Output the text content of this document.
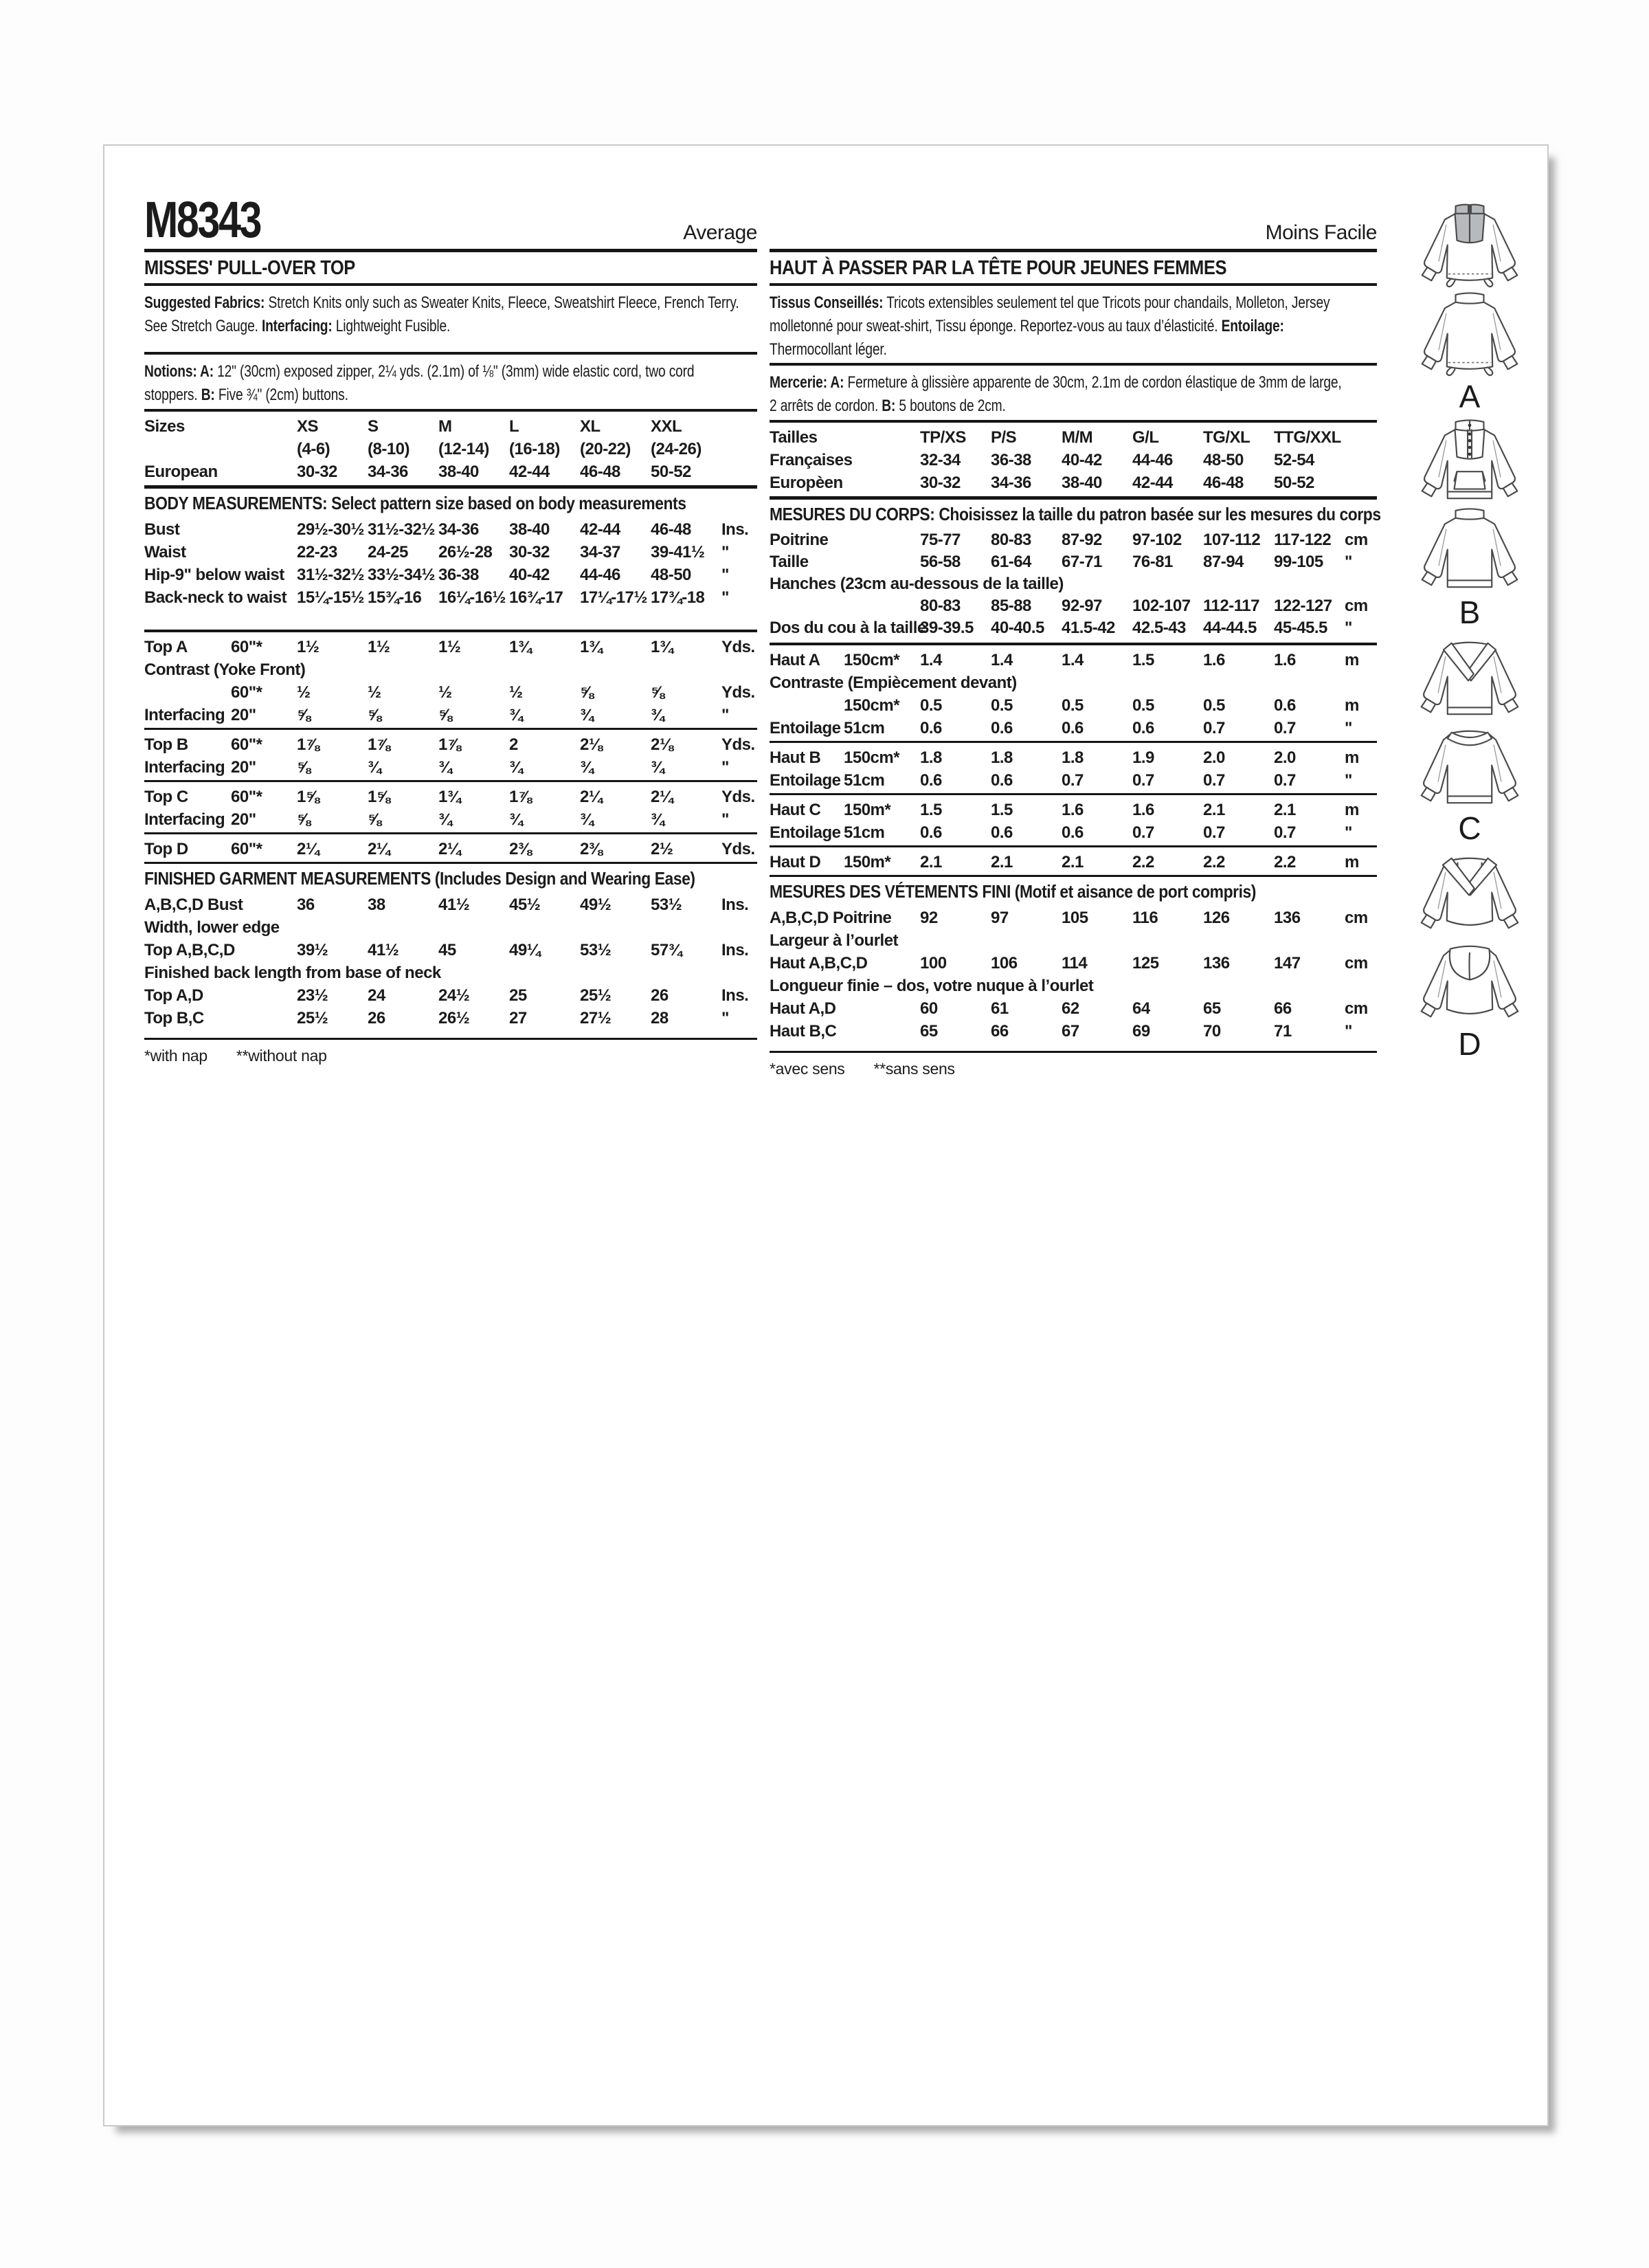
M8343	Average
MISSES' PULL-OVER TOP
Suggested Fabrics: Stretch Knits only such as Sweater Knits, Fleece, Sweatshirt Fleece, French Terry.
See Stretch Gauge. Interfacing: Lightweight Fusible.
Notions: A: 12" (30cm) exposed zipper, 2¼ yds. (2.1m) of ⅛" (3mm) wide elastic cord, two cord
stoppers. B: Five ¾" (2cm) buttons.
Sizes	XS	S	M	L	XL	XXL
(4-6)	(8-10)	(12-14)	(16-18)	(20-22)	(24-26)
European	30-32	34-36	38-40	42-44	46-48	50-52
BODY MEASUREMENTS: Select pattern size based on body measurements
Bust	29½-30½ 31½-32½ 34-36	38-40	42-44	46-48	Ins.
Waist	22-23	24-25	26½-28	30-32	34-37	39-41½	"
Hip-9" below waist 31½-32½ 33½-34½ 36-38	40-42	44-46	48-50	"
Back-neck to waist 15¼-15½ 15¾-16	16¼-16½ 16¾-17	17¼-17½ 17¾-18	"
Top A	60"*	1½	1½	1½	1¾	1¾	1¾	Yds.
Contrast (Yoke Front)
60"*	½	½	½	½	⅝	⅝	Yds.
Interfacing 20"	⅝	⅝	⅝	¾	¾	¾	"
Top B	60"*	1⅞	1⅞	1⅞	2	2⅛	2⅛	Yds.
Interfacing 20"	⅝	¾	¾	¾	¾	¾	"
Top C	60"*	1⅝	1⅝	1¾	1⅞	2¼	2¼	Yds.
Interfacing 20"	⅝	⅝	¾	¾	¾	¾	"
Top D	60"*	2¼	2¼	2¼	2⅜	2⅜	2½	Yds.
FINISHED GARMENT MEASUREMENTS (Includes Design and Wearing Ease)
A,B,C,D Bust	36	38	41½	45½	49½	53½	Ins.
Width, lower edge
Top A,B,C,D	39½	41½	45	49¼	53½	57¾	Ins.
Finished back length from base of neck
Top A,D	23½	24	24½	25	25½	26	Ins.
Top B,C	25½	26	26½	27	27½	28	"
*with nap **without nap
Moins Facile
HAUT À PASSER PAR LA TÊTE POUR JEUNES FEMMES
Tissus Conseillés: Tricots extensibles seulement tel que Tricots pour chandails, Molleton, Jersey
molletonné pour sweat-shirt, Tissu éponge. Reportez-vous au taux d’élasticité. Entoilage:
Thermocollant léger.
Mercerie: A: Fermeture à glissière apparente de 30cm, 2.1m de cordon élastique de 3mm de large,
2 arrêts de cordon. B: 5 boutons de 2cm.
Tailles	TP/XS	P/S	M/M	G/L	TG/XL	TTG/XXL
Françaises	32-34	36-38	40-42	44-46	48-50	52-54
Europèen	30-32	34-36	38-40	42-44	46-48	50-52
MESURES DU CORPS: Choisissez la taille du patron basée sur les mesures du corps
Poitrine	75-77	80-83	87-92	97-102	107-112 117-122 cm
Taille	56-58	61-64	67-71	76-81	87-94	99-105	"
Hanches (23cm au-dessous de la taille)
80-83	85-88	92-97	102-107 112-117 122-127 cm
Dos du cou à la taille
39-39.5	40-40.5	41.5-42	42.5-43	44-44.5	45-45.5	"
Haut A	150cm*	1.4	1.4	1.4	1.5	1.6	1.6	m
Contraste (Empiècement devant)
150cm*	0.5	0.5	0.5	0.5	0.5	0.6	m
Entoilage 51cm	0.6	0.6	0.6	0.6	0.7	0.7	"
Haut B	150cm*	1.8	1.8	1.8	1.9	2.0	2.0	m
Entoilage 51cm	0.6	0.6	0.7	0.7	0.7	0.7	"
Haut C	150m*	1.5	1.5	1.6	1.6	2.1	2.1	m
Entoilage 51cm	0.6	0.6	0.6	0.7	0.7	0.7	"
Haut D	150m*	2.1	2.1	2.1	2.2	2.2	2.2	m
MESURES DES VÉTEMENTS FINI (Motif et aisance de port compris)
A,B,C,D Poitrine 92	97	105	116	126	136	cm
Largeur à l’ourlet
Haut A,B,C,D	100	106	114	125	136	147	cm
Longueur finie – dos, votre nuque à l’ourlet
Haut A,D	60	61	62	64	65	66	cm
Haut B,C	65	66	67	69	70	71	"
*avec sens **sans sens
A
B
C
D
